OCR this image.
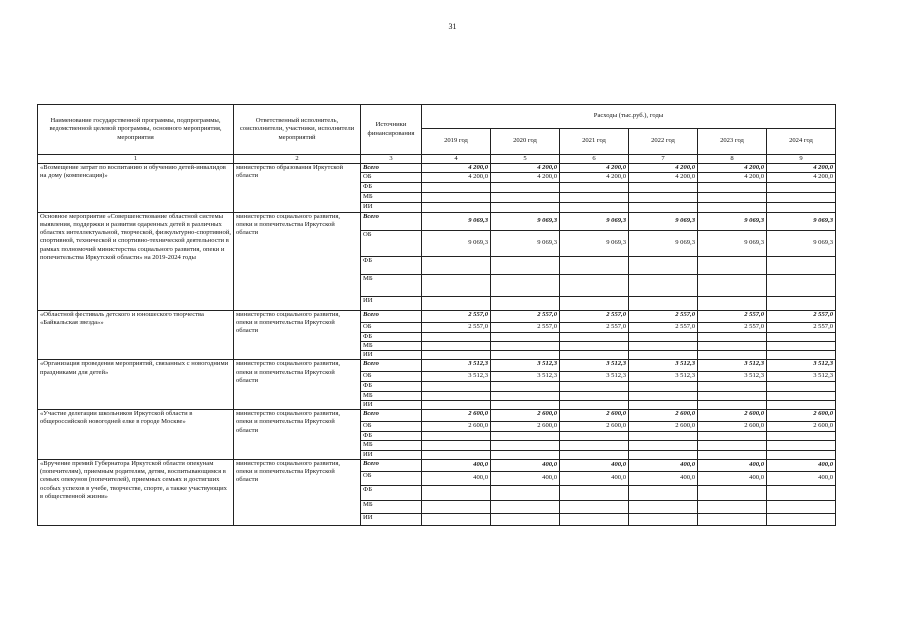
31
Наименование государственной программы, подпрограммы, ведомственной целевой программы, основного мероприятия, мероприятия	Ответственный исполнитель, соисполнители, участники, исполнители мероприятий	Источники финансирования	Расходы (тыс.руб.), годы					
			2019 год	2020 год	2021 год	2022 год	2023 год	2024 год
1	2	3	4	5	6	7	8	9
«Возмещение затрат по воспитанию и обучению детей-инвалидов на дому (компенсация)»	министерство образования Иркутской области	Всего	4 200,0	4 200,0	4 200,0	4 200,0	4 200,0	4 200,0
		ОБ	4 200,0	4 200,0	4 200,0	4 200,0	4 200,0	4 200,0
		ФБ						
		МБ						
		ИИ						
Основное мероприятие «Совершенствование областной системы выявления, поддержки и развития одаренных детей в различных областях интеллектуальной, творческой, физкультурно-спортивной, спортивной, технической и спортивно-технической деятельности в рамках полномочий министерства социального развития, опеки и попечительства Иркутской области» на 2019-2024 годы	министерство социального развития, опеки и попечительства Иркутской области	Всего	9 069,3	9 069,3	9 069,3	9 069,3	9 069,3	9 069,3
		ОБ	9 069,3	9 069,3	9 069,3	9 069,3	9 069,3	9 069,3
		ФБ						
		МБ						
		ИИ						
«Областной фестиваль детского и юношеского творчества «Байкальская звезда»»	министерство социального развития, опеки и попечительства Иркутской области	Всего	2 557,0	2 557,0	2 557,0	2 557,0	2 557,0	2 557,0
		ОБ	2 557,0	2 557,0	2 557,0	2 557,0	2 557,0	2 557,0
		ФБ						
		МБ						
		ИИ						
«Организация проведения мероприятий, связанных с новогодними праздниками для детей»	министерство социального развития, опеки и попечительства Иркутской области	Всего	3 512,3	3 512,3	3 512,3	3 512,3	3 512,3	3 512,3
		ОБ	3 512,3	3 512,3	3 512,3	3 512,3	3 512,3	3 512,3
		ФБ						
		МБ						
		ИИ						
«Участие делегации школьников Иркутской области в общероссийской новогодней елке в городе Москве»	министерство социального развития, опеки и попечительства Иркутской области	Всего	2 600,0	2 600,0	2 600,0	2 600,0	2 600,0	2 600,0
		ОБ	2 600,0	2 600,0	2 600,0	2 600,0	2 600,0	2 600,0
		ФБ						
		МБ						
		ИИ						
«Вручение премий Губернатора Иркутской области опекунам (попечителям), приемным родителям, детям, воспитывающимся в семьях опекунов (попечителей), приемных семьях и достигших особых успехов в учебе, творчестве, спорте, а также участвующих в общественной жизни»	министерство социального развития, опеки и попечительства Иркутской области	Всего	400,0	400,0	400,0	400,0	400,0	400,0
		ОБ	400,0	400,0	400,0	400,0	400,0	400,0
		ФБ						
		МБ						
		ИИ						
